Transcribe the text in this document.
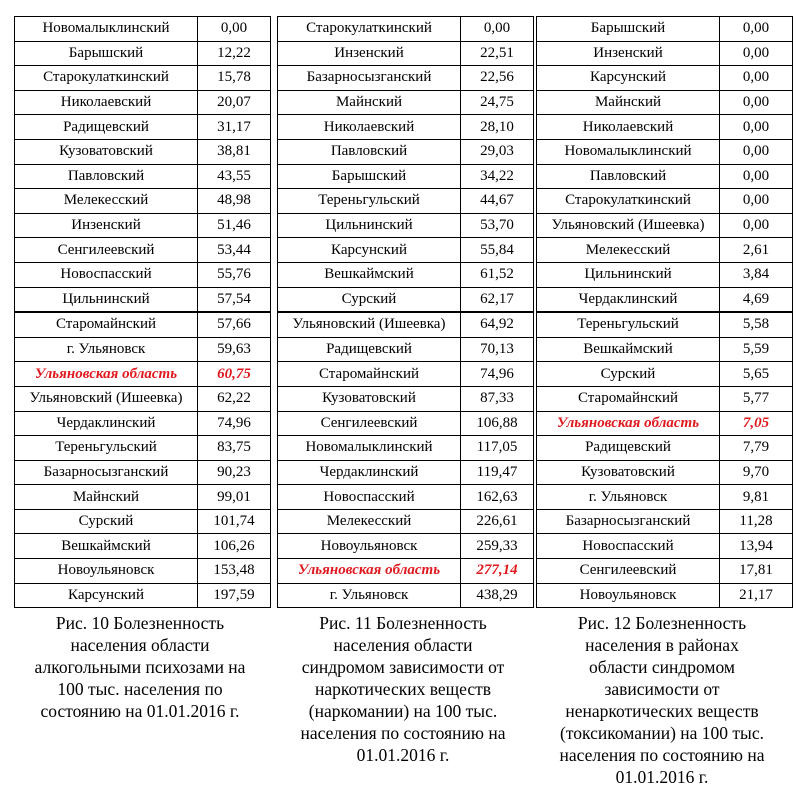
Новомалыклинский	0,00
Барышский	12,22
Старокулаткинский	15,78
Николаевский	20,07
Радищевский	31,17
Кузоватовский	38,81
Павловский	43,55
Мелекесский	48,98
Инзенский	51,46
Сенгилеевский	53,44
Новоспасский	55,76
Цильнинский	57,54
Старомайнский	57,66
г. Ульяновск	59,63
Ульяновская область	60,75
Ульяновский (Ишеевка)	62,22
Чердаклинский	74,96
Тереньгульский	83,75
Базарносызганский	90,23
Майнский	99,01
Сурский	101,74
Вешкаймский	106,26
Новоульяновск	153,48
Карсунский	197,59
Рис. 10 Болезненность
населения области
алкогольными психозами на
100 тыс. населения по
состоянию на 01.01.2016 г.
Старокулаткинский	0,00
Инзенский	22,51
Базарносызганский	22,56
Майнский	24,75
Николаевский	28,10
Павловский	29,03
Барышский	34,22
Тереньгульский	44,67
Цильнинский	53,70
Карсунский	55,84
Вешкаймский	61,52
Сурский	62,17
Ульяновский (Ишеевка)	64,92
Радищевский	70,13
Старомайнский	74,96
Кузоватовский	87,33
Сенгилеевский	106,88
Новомалыклинский	117,05
Чердаклинский	119,47
Новоспасский	162,63
Мелекесский	226,61
Новоульяновск	259,33
Ульяновская область	277,14
г. Ульяновск	438,29
Рис. 11 Болезненность
населения области
синдромом зависимости от
наркотических веществ
(наркомании) на 100 тыс.
населения по состоянию на
01.01.2016 г.
Барышский	0,00
Инзенский	0,00
Карсунский	0,00
Майнский	0,00
Николаевский	0,00
Новомалыклинский	0,00
Павловский	0,00
Старокулаткинский	0,00
Ульяновский (Ишеевка)	0,00
Мелекесский	2,61
Цильнинский	3,84
Чердаклинский	4,69
Тереньгульский	5,58
Вешкаймский	5,59
Сурский	5,65
Старомайнский	5,77
Ульяновская область	7,05
Радищевский	7,79
Кузоватовский	9,70
г. Ульяновск	9,81
Базарносызганский	11,28
Новоспасский	13,94
Сенгилеевский	17,81
Новоульяновск	21,17
Рис. 12 Болезненность
населения в районах
области синдромом
зависимости от
ненаркотических веществ
(токсикомании) на 100 тыс.
населения по состоянию на
01.01.2016 г.
